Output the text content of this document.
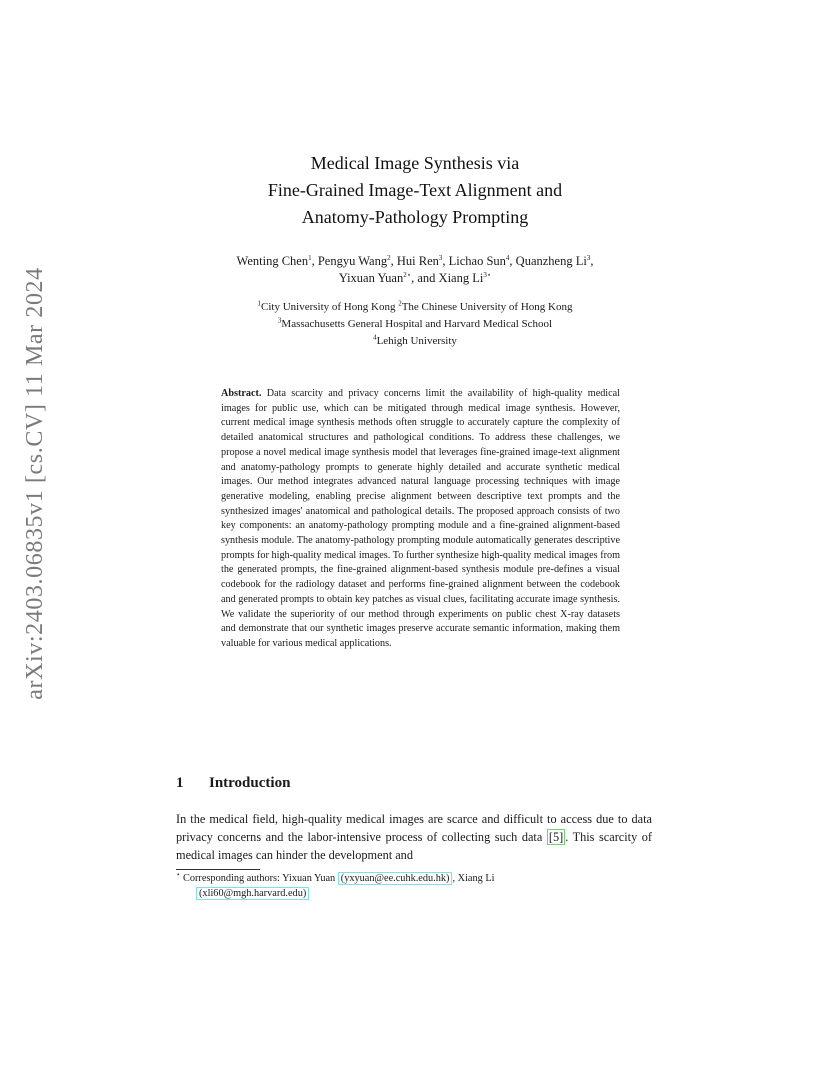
arXiv:2403.06835v1 [cs.CV] 11 Mar 2024
Medical Image Synthesis via
Fine-Grained Image-Text Alignment and
Anatomy-Pathology Prompting
Wenting Chen$^1$, Pengyu Wang$^2$, Hui Ren$^3$, Lichao Sun$^4$, Quanzheng Li$^3$,
Yixuan Yuan$^{2⋆}$, and Xiang $Li^{3⋆}$
$^1$City University of Hong Kong $^2$The Chinese University of Hong Kong
$^3$Massachusetts General Hospital and Harvard Medical School
$^4$Lehigh University
Abstract. Data scarcity and privacy concerns limit the availability of high-quality medical images for public use, which can be mitigated through medical image synthesis. However, current medical image synthesis methods often struggle to accurately capture the complexity of detailed anatomical structures and pathological conditions. To address these challenges, we propose a novel medical image synthesis model that leverages fine-grained image-text alignment and anatomy-pathology prompts to generate highly detailed and accurate synthetic medical images. Our method integrates advanced natural language processing techniques with image generative modeling, enabling precise alignment between descriptive text prompts and the synthesized images' anatomical and pathological details. The proposed approach consists of two key components: an anatomy-pathology prompting module and a fine-grained alignment-based synthesis module. The anatomy-pathology prompting module automatically generates descriptive prompts for high-quality medical images. To further synthesize high-quality medical images from the generated prompts, the fine-grained alignment-based synthesis module pre-defines a visual codebook for the radiology dataset and performs fine-grained alignment between the codebook and generated prompts to obtain key patches as visual clues, facilitating accurate image synthesis. We validate the superiority of our method through experiments on public chest X-ray datasets and demonstrate that our synthetic images preserve accurate semantic information, making them valuable for various medical applications.
1 Introduction
In the medical field, high-quality medical images are scarce and difficult to access due to data privacy concerns and the labor-intensive process of collecting such data [5] . This scarcity of medical images can hinder the development and
⋆ Corresponding authors: Yixuan Yuan (yxyuan@ee.cuhk.edu.hk) , Xiang Li
(xli60@mgh.harvard.edu)
